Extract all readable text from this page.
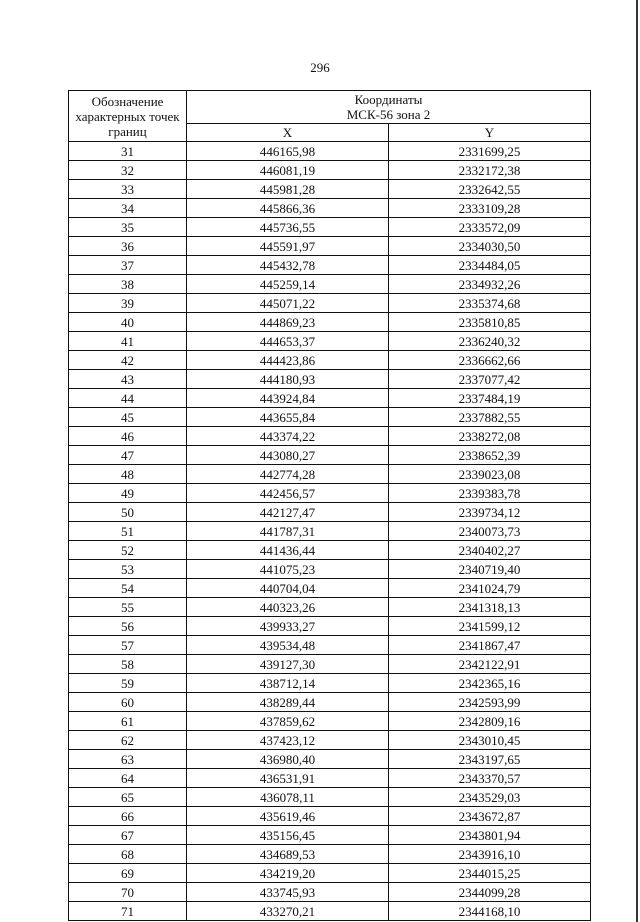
296
Обозначение характерных точек границ	Координаты
МСК-56 зона 2	

	X	Y
31	446165,98	2331699,25
32	446081,19	2332172,38
33	445981,28	2332642,55
34	445866,36	2333109,28
35	445736,55	2333572,09
36	445591,97	2334030,50
37	445432,78	2334484,05
38	445259,14	2334932,26
39	445071,22	2335374,68
40	444869,23	2335810,85
41	444653,37	2336240,32
42	444423,86	2336662,66
43	444180,93	2337077,42
44	443924,84	2337484,19
45	443655,84	2337882,55
46	443374,22	2338272,08
47	443080,27	2338652,39
48	442774,28	2339023,08
49	442456,57	2339383,78
50	442127,47	2339734,12
51	441787,31	2340073,73
52	441436,44	2340402,27
53	441075,23	2340719,40
54	440704,04	2341024,79
55	440323,26	2341318,13
56	439933,27	2341599,12
57	439534,48	2341867,47
58	439127,30	2342122,91
59	438712,14	2342365,16
60	438289,44	2342593,99
61	437859,62	2342809,16
62	437423,12	2343010,45
63	436980,40	2343197,65
64	436531,91	2343370,57
65	436078,11	2343529,03
66	435619,46	2343672,87
67	435156,45	2343801,94
68	434689,53	2343916,10
69	434219,20	2344015,25
70	433745,93	2344099,28
71	433270,21	2344168,10
